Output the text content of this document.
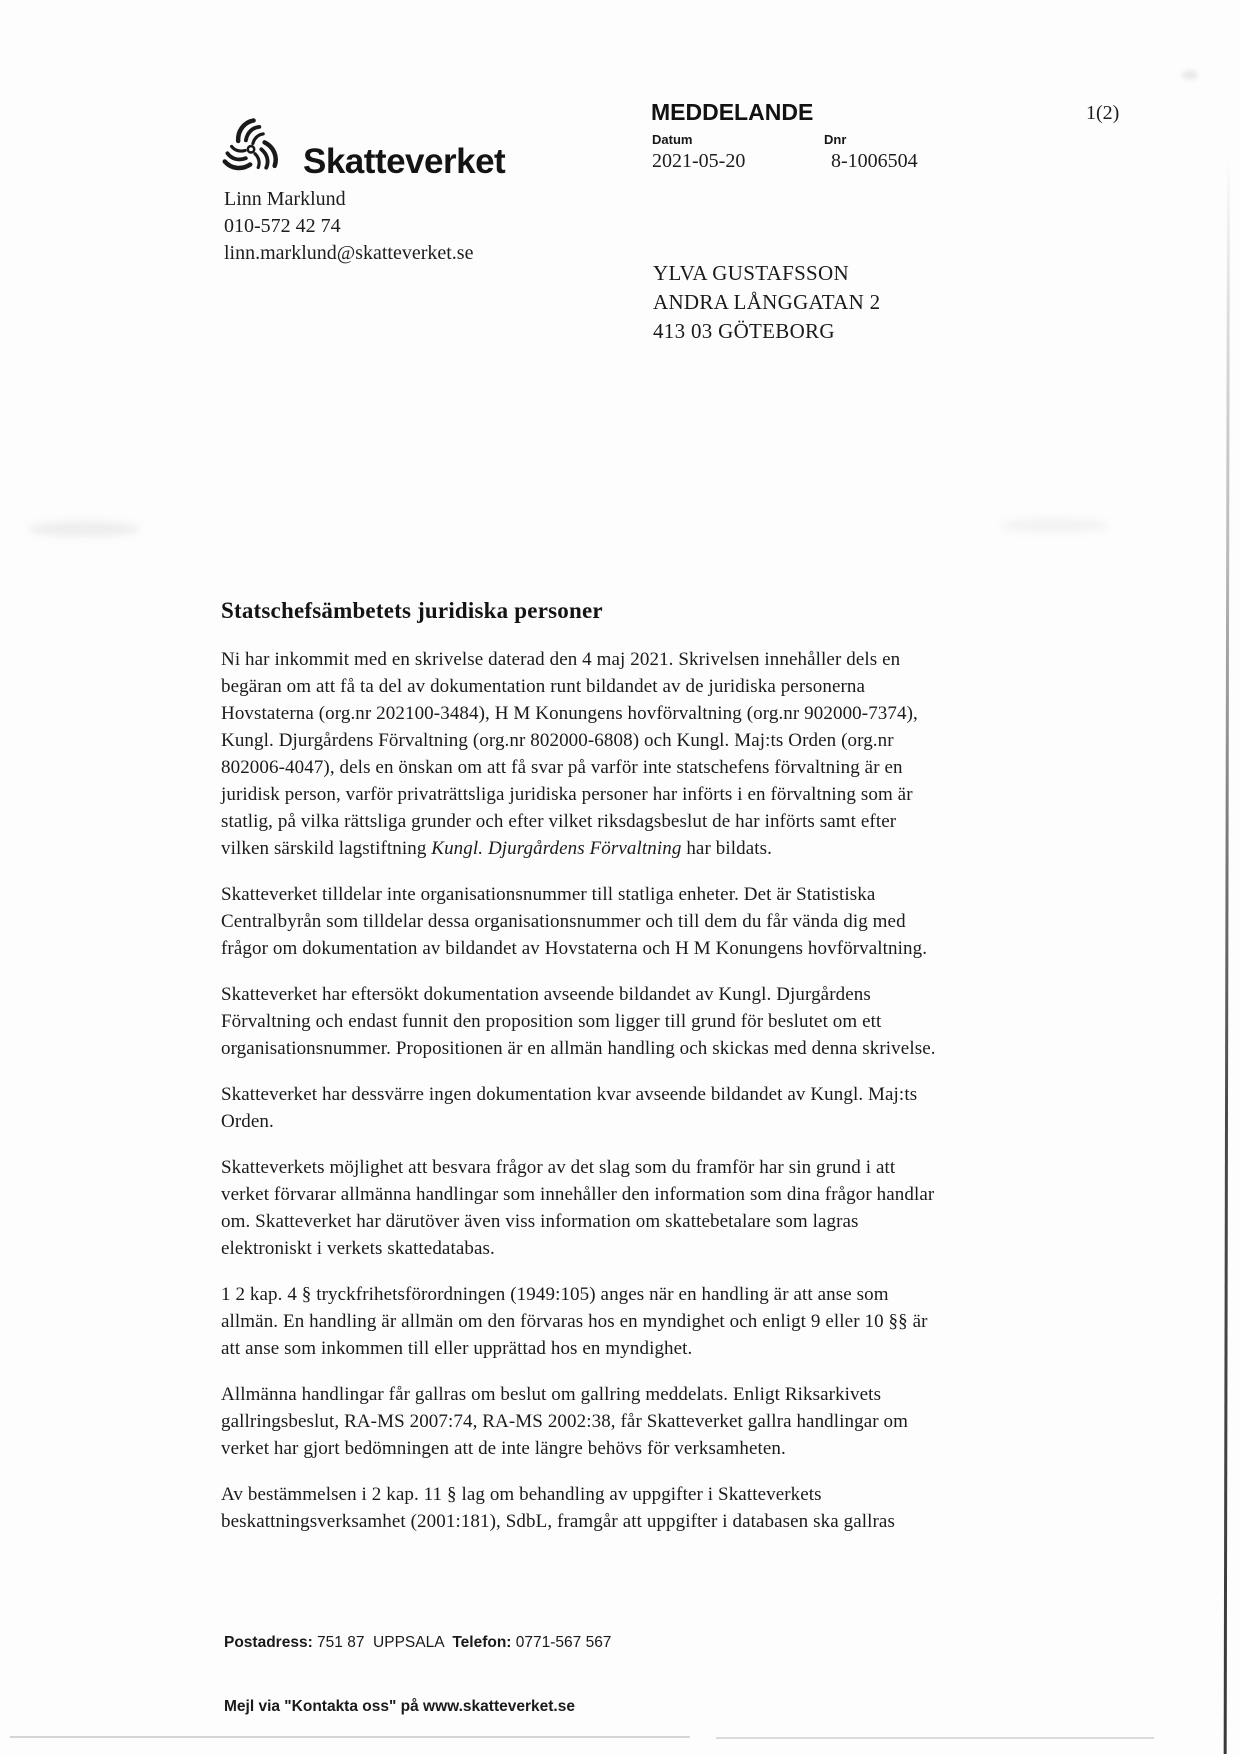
Skatteverket
Linn Marklund
010-572 42 74
linn.marklund@skatteverket.se
MEDDELANDE	1(2)
Datum
2021-05-20
Dnr
8-1006504
YLVA GUSTAFSSON
ANDRA LÅNGGATAN 2
413 03 GÖTEBORG
Statschefsämbetets juridiska personer
Ni har inkommit med en skrivelse daterad den 4 maj 2021. Skrivelsen innehåller dels en
begäran om att få ta del av dokumentation runt bildandet av de juridiska personerna
Hovstaterna (org.nr 202100-3484), H M Konungens hovförvaltning (org.nr 902000-7374),
Kungl. Djurgårdens Förvaltning (org.nr 802000-6808) och Kungl. Maj:ts Orden (org.nr
802006-4047), dels en önskan om att få svar på varför inte statschefens förvaltning är en
juridisk person, varför privaträttsliga juridiska personer har införts i en förvaltning som är
statlig, på vilka rättsliga grunder och efter vilket riksdagsbeslut de har införts samt efter
vilken särskild lagstiftning Kungl. Djurgårdens Förvaltning har bildats.
Skatteverket tilldelar inte organisationsnummer till statliga enheter. Det är Statistiska
Centralbyrån som tilldelar dessa organisationsnummer och till dem du får vända dig med
frågor om dokumentation av bildandet av Hovstaterna och H M Konungens hovförvaltning.
Skatteverket har eftersökt dokumentation avseende bildandet av Kungl. Djurgårdens
Förvaltning och endast funnit den proposition som ligger till grund för beslutet om ett
organisationsnummer. Propositionen är en allmän handling och skickas med denna skrivelse.
Skatteverket har dessvärre ingen dokumentation kvar avseende bildandet av Kungl. Maj:ts
Orden.
Skatteverkets möjlighet att besvara frågor av det slag som du framför har sin grund i att
verket förvarar allmänna handlingar som innehåller den information som dina frågor handlar
om. Skatteverket har därutöver även viss information om skattebetalare som lagras
elektroniskt i verkets skattedatabas.
1 2 kap. 4 § tryckfrihetsförordningen (1949:105) anges när en handling är att anse som
allmän. En handling är allmän om den förvaras hos en myndighet och enligt 9 eller 10 §§ är
att anse som inkommen till eller upprättad hos en myndighet.
Allmänna handlingar får gallras om beslut om gallring meddelats. Enligt Riksarkivets
gallringsbeslut, RA-MS 2007:74, RA-MS 2002:38, får Skatteverket gallra handlingar om
verket har gjort bedömningen att de inte längre behövs för verksamheten.
Av bestämmelsen i 2 kap. 11 § lag om behandling av uppgifter i Skatteverkets
beskattningsverksamhet (2001:181), SdbL, framgår att uppgifter i databasen ska gallras

Postadress: 751 87  UPPSALA  Telefon: 0771-567 567

Mejl via "Kontakta oss" på www.skatteverket.se
